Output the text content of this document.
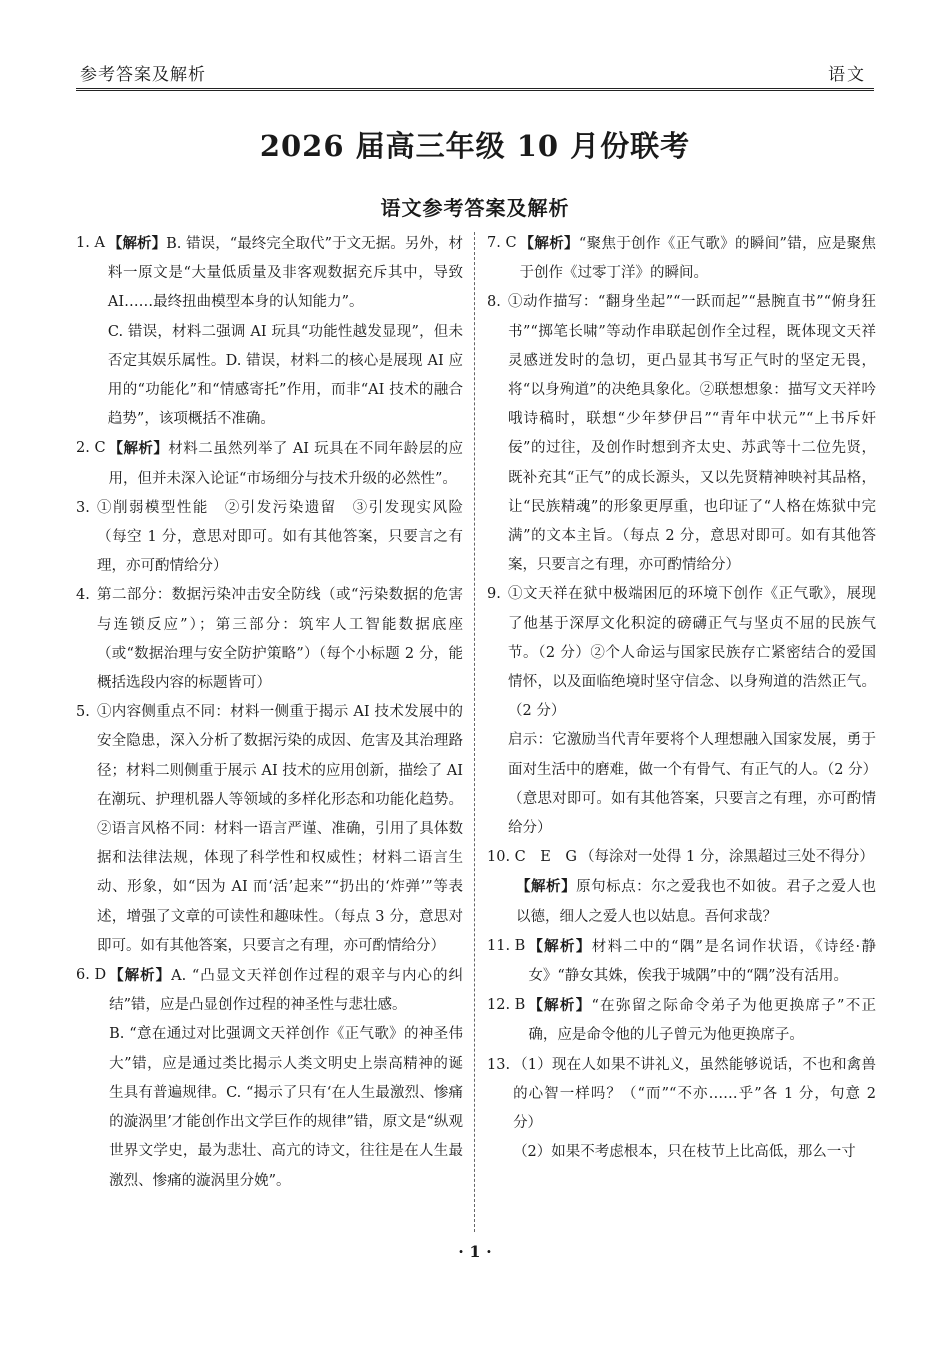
参考答案及解析	语文
2026 届高三年级 10 月份联考
语文参考答案及解析
1. A 【解析】B. 错误，“最终完全取代”于文无据。另外，材料一原文是“大量低质量及非客观数据充斥其中，导致 AI……最终扭曲模型本身的认知能力”。

C. 错误，材料二强调 AI 玩具“功能性越发显现”，但未否定其娱乐属性。D. 错误，材料二的核心是展现 AI 应用的“功能化”和“情感寄托”作用，而非“AI 技术的融合趋势”，该项概括不准确。

2. C 【解析】材料二虽然列举了 AI 玩具在不同年龄层的应用，但并未深入论证“市场细分与技术升级的必然性”。

3. ①削弱模型性能　②引发污染遗留　③引发现实风险　（每空 1 分，意思对即可。如有其他答案，只要言之有理，亦可酌情给分）

4. 第二部分：数据污染冲击安全防线（或“污染数据的危害与连锁反应”）；第三部分：筑牢人工智能数据底座（或“数据治理与安全防护策略”）（每个小标题 2 分，能概括选段内容的标题皆可）

5. ①内容侧重点不同：材料一侧重于揭示 AI 技术发展中的安全隐患，深入分析了数据污染的成因、危害及其治理路径；材料二则侧重于展示 AI 技术的应用创新，描绘了 AI 在潮玩、护理机器人等领域的多样化形态和功能化趋势。②语言风格不同：材料一语言严谨、准确，引用了具体数据和法律法规，体现了科学性和权威性；材料二语言生动、形象，如“因为 AI 而‘活’起来”“扔出的‘炸弹’”等表述，增强了文章的可读性和趣味性。（每点 3 分，意思对即可。如有其他答案，只要言之有理，亦可酌情给分）

6. D 【解析】A. “凸显文天祥创作过程的艰辛与内心的纠结”错，应是凸显创作过程的神圣性与悲壮感。

B. “意在通过对比强调文天祥创作《正气歌》的神圣伟大”错，应是通过类比揭示人类文明史上崇高精神的诞生具有普遍规律。C. “揭示了只有‘在人生最激烈、惨痛的漩涡里’才能创作出文学巨作的规律”错，原文是“纵观世界文学史，最为悲壮、高亢的诗文，往往是在人生最激烈、惨痛的漩涡里分娩”。

7. C 【解析】“聚焦于创作《正气歌》的瞬间”错，应是聚焦于创作《过零丁洋》的瞬间。

8. ①动作描写：“翻身坐起”“一跃而起”“悬腕直书”“俯身狂书”“掷笔长啸”等动作串联起创作全过程，既体现文天祥灵感迸发时的急切，更凸显其书写正气时的坚定无畏，将“以身殉道”的决绝具象化。②联想想象：描写文天祥吟哦诗稿时，联想“少年梦伊吕”“青年中状元”“上书斥奸佞”的过往，及创作时想到齐太史、苏武等十二位先贤，既补充其“正气”的成长源头，又以先贤精神映衬其品格，让“民族精魂”的形象更厚重，也印证了“人格在炼狱中完满”的文本主旨。（每点 2 分，意思对即可。如有其他答案，只要言之有理，亦可酌情给分）

9. ①文天祥在狱中极端困厄的环境下创作《正气歌》，展现了他基于深厚文化积淀的磅礴正气与坚贞不屈的民族气节。（2 分）②个人命运与国家民族存亡紧密结合的爱国情怀，以及面临绝境时坚守信念、以身殉道的浩然正气。（2 分）

启示：它激励当代青年要将个人理想融入国家发展，勇于面对生活中的磨难，做一个有骨气、有正气的人。（2 分）

（意思对即可。如有其他答案，只要言之有理，亦可酌情给分）

10. C　E　G （每涂对一处得 1 分，涂黑超过三处不得分）

【解析】原句标点：尔之爱我也不如彼。君子之爱人也以德，细人之爱人也以姑息。吾何求哉？

11. B 【解析】材料二中的“隅”是名词作状语，《诗经·静女》“静女其姝，俟我于城隅”中的“隅”没有活用。

12. B 【解析】“在弥留之际命令弟子为他更换席子”不正确，应是命令他的儿子曾元为他更换席子。

13. （1）现在人如果不讲礼义，虽然能够说话，不也和禽兽的心智一样吗？（“而”“不亦……乎”各 1 分，句意 2 分）

（2）如果不考虑根本，只在枝节上比高低，那么一寸

· 1 ·
